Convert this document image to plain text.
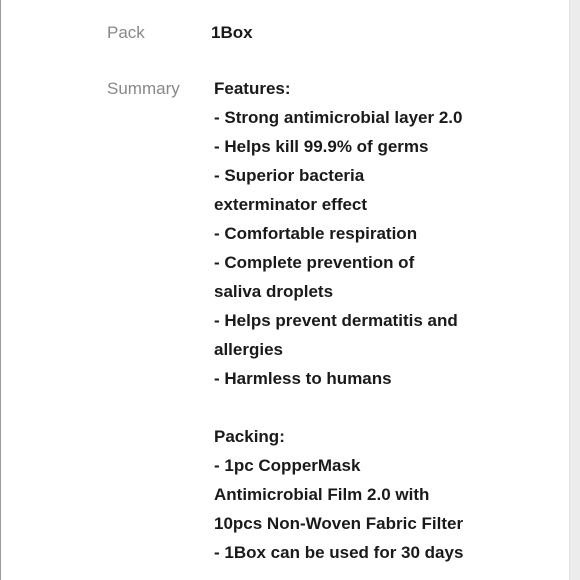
Pack	1Box
Summary Features:
- Strong antimicrobial layer 2.0
- Helps kill 99.9% of germs
- Superior bacteria exterminator effect
- Comfortable respiration
- Complete prevention of saliva droplets
- Helps prevent dermatitis and allergies
- Harmless to humans
Packing:
- 1pc CopperMask Antimicrobial Film 2.0 with 10pcs Non-Woven Fabric Filter
- 1Box can be used for 30 days
